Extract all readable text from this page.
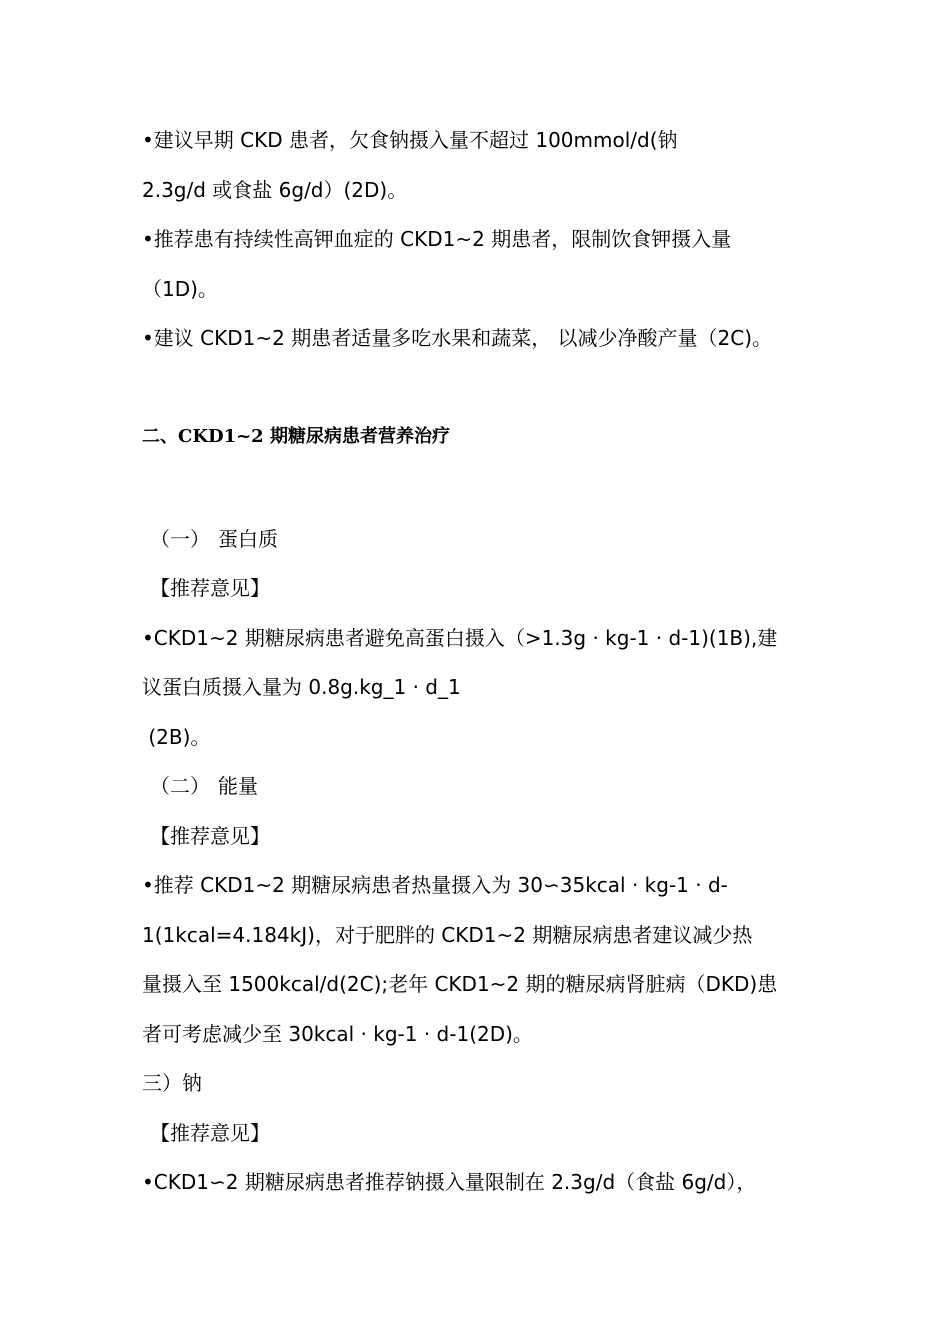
•建议早期 CKD 患者，欠食钠摄入量不超过 100mmol/d(钠
2.3g/d 或食盐 6g/d）(2D)。
•推荐患有持续性高钾血症的 CKD1~2 期患者，限制饮食钾摄入量
（1D)。
•建议 CKD1~2 期患者适量多吃水果和蔬菜， 以减少净酸产量（2C)。
二、CKD1~2 期糖尿病患者营养治疗
（一） 蛋白质
【推荐意见】
•CKD1~2 期糖尿病患者避免高蛋白摄入（>1.3g · kg-1 · d-1)(1B),建
议蛋白质摄入量为 0.8g.kg_1 · d_1
(2B)。
（二） 能量
【推荐意见】
•推荐 CKD1~2 期糖尿病患者热量摄入为 30∽35kcal · kg-1 · d-
1(1kcal=4.184kJ)，对于肥胖的 CKD1~2 期糖尿病患者建议减少热
量摄入至 1500kcal/d(2C);老年 CKD1~2 期的糖尿病肾脏病（DKD)患
者可考虑减少至 30kcal · kg-1 · d-1(2D)。
三）钠
【推荐意见】
•CKD1∽2 期糖尿病患者推荐钠摄入量限制在 2.3g/d（食盐 6g/d），
